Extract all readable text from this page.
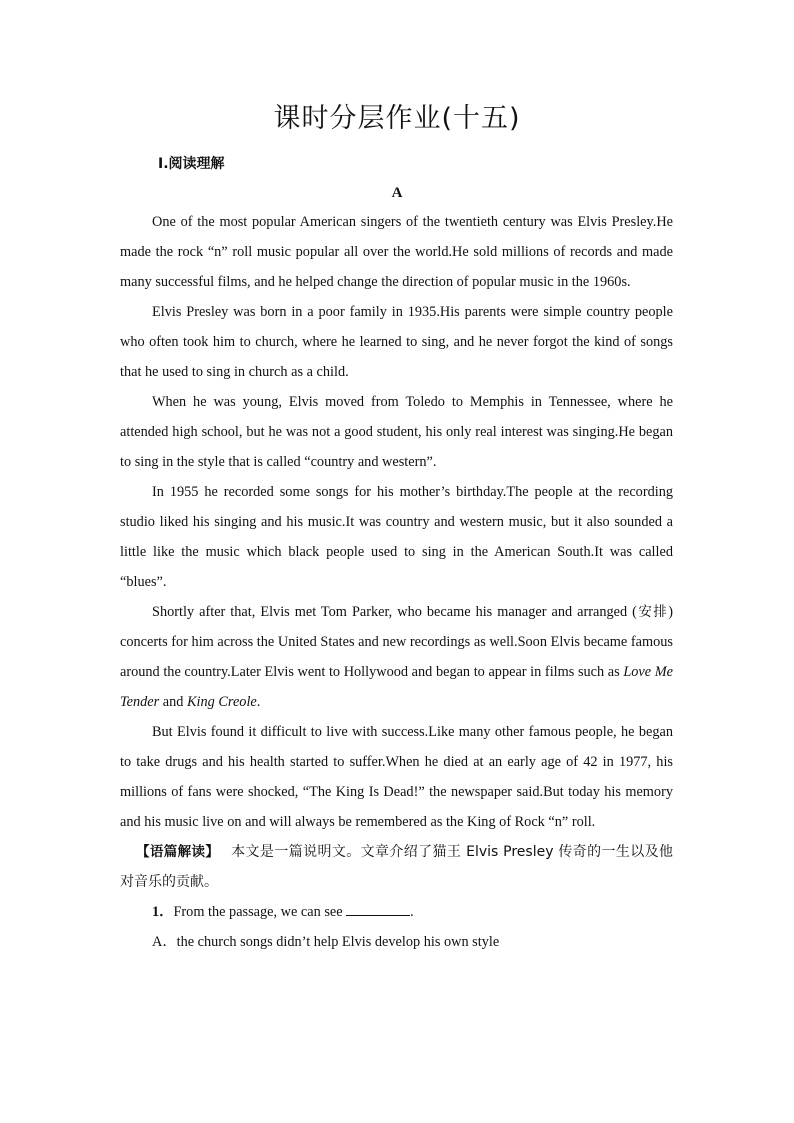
课时分层作业(十五)
Ⅰ.阅读理解
A

One of the most popular American singers of the twentieth century was Elvis Presley.He made the rock “n” roll music popular all over the world.He sold millions of records and made many successful films, and he helped change the direction of popular music in the 1960s.

Elvis Presley was born in a poor family in 1935.His parents were simple country people who often took him to church, where he learned to sing, and he never forgot the kind of songs that he used to sing in church as a child.

When he was young, Elvis moved from Toledo to Memphis in Tennessee, where he attended high school, but he was not a good student, his only real interest was singing.He began to sing in the style that is called “country and western”.

In 1955 he recorded some songs for his mother’s birthday.The people at the recording studio liked his singing and his music.It was country and western music, but it also sounded a little like the music which black people used to sing in the American South.It was called “blues”.

Shortly after that, Elvis met Tom Parker, who became his manager and arranged (安排) concerts for him across the United States and new recordings as well.Soon Elvis became famous around the country.Later Elvis went to Hollywood and began to appear in films such as Love Me Tender and King Creole.

But Elvis found it difficult to live with success.Like many other famous people, he began to take drugs and his health started to suffer.When he died at an early age of 42 in 1977, his millions of fans were shocked, “The King Is Dead!” the newspaper said.But today his memory and his music live on and will always be remembered as the King of Rock “n” roll.

【语篇解读】 本文是一篇说明文。文章介绍了猫王 Elvis Presley 传奇的一生以及他对音乐的贡献。

1．From the passage, we can see	.

A．the church songs didn’t help Elvis develop his own style
